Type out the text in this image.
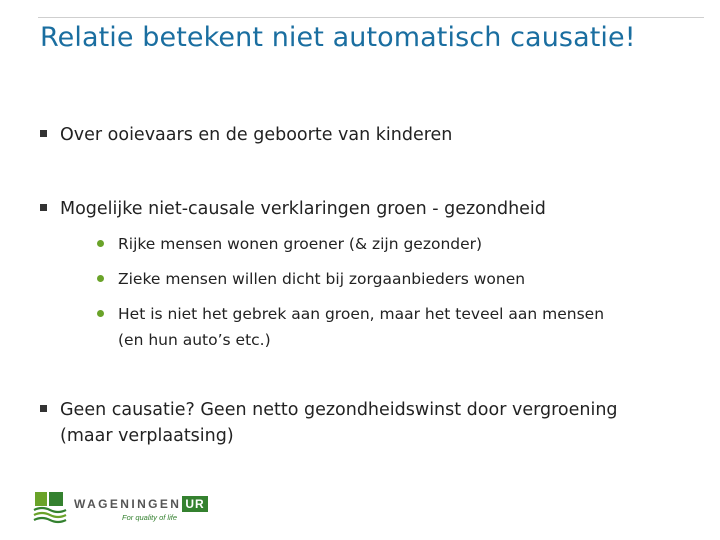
Relatie betekent niet automatisch causatie!
Over ooievaars en de geboorte van kinderen
Mogelijke niet-causale verklaringen groen - gezondheid
Rijke mensen wonen groener (& zijn gezonder)
Zieke mensen willen dicht bij zorgaanbieders wonen
Het is niet het gebrek aan groen, maar het teveel aan mensen
(en hun auto’s etc.)
Geen causatie? Geen netto gezondheidswinst door vergroening
(maar verplaatsing)
WAGENINGEN UR
For quality of life
